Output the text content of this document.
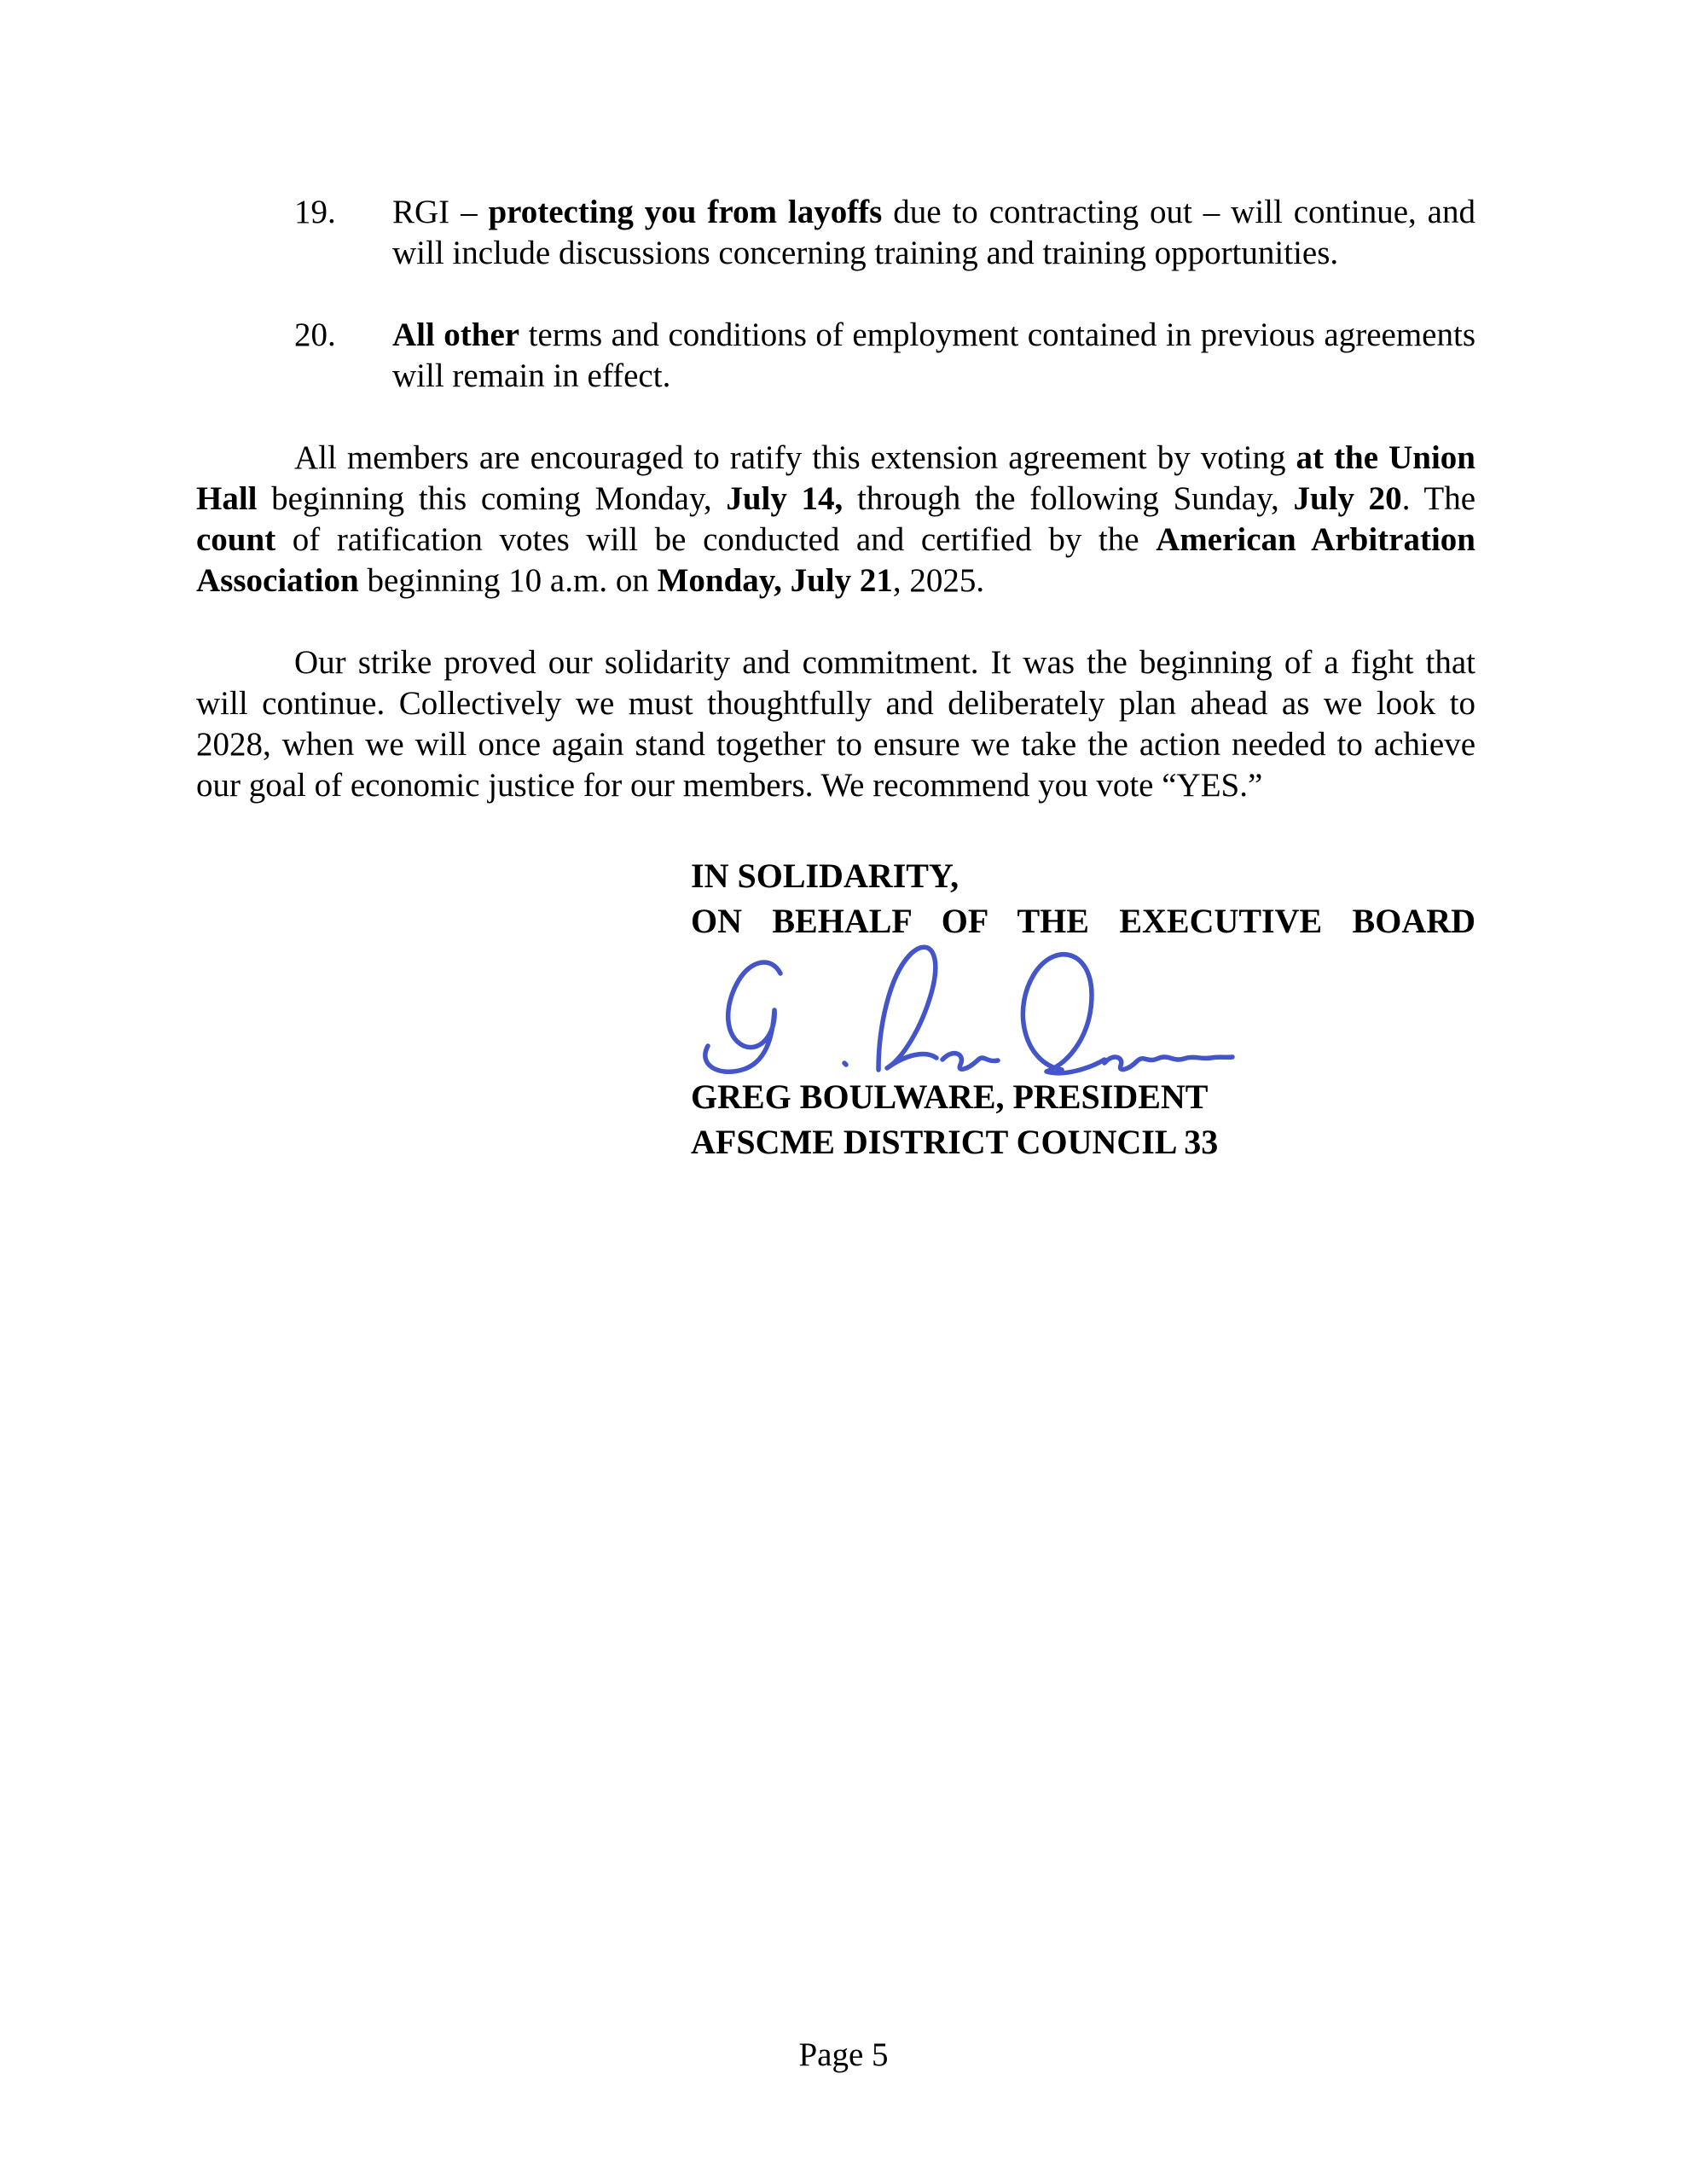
19.	RGI – protecting you from layoffs due to contracting out – will continue, and will include discussions concerning training and training opportunities.
20.	All other terms and conditions of employment contained in previous agreements will remain in effect.

All members are encouraged to ratify this extension agreement by voting at the Union Hall beginning this coming Monday, July 14, through the following Sunday, July 20. The count of ratification votes will be conducted and certified by the American Arbitration Association beginning 10 a.m. on Monday, July 21, 2025.

Our strike proved our solidarity and commitment. It was the beginning of a fight that will continue. Collectively we must thoughtfully and deliberately plan ahead as we look to 2028, when we will once again stand together to ensure we take the action needed to achieve our goal of economic justice for our members. We recommend you vote “YES.”

IN SOLIDARITY,
ON BEHALF OF THE EXECUTIVE BOARD
GREG BOULWARE, PRESIDENT
AFSCME DISTRICT COUNCIL 33
Page 5
